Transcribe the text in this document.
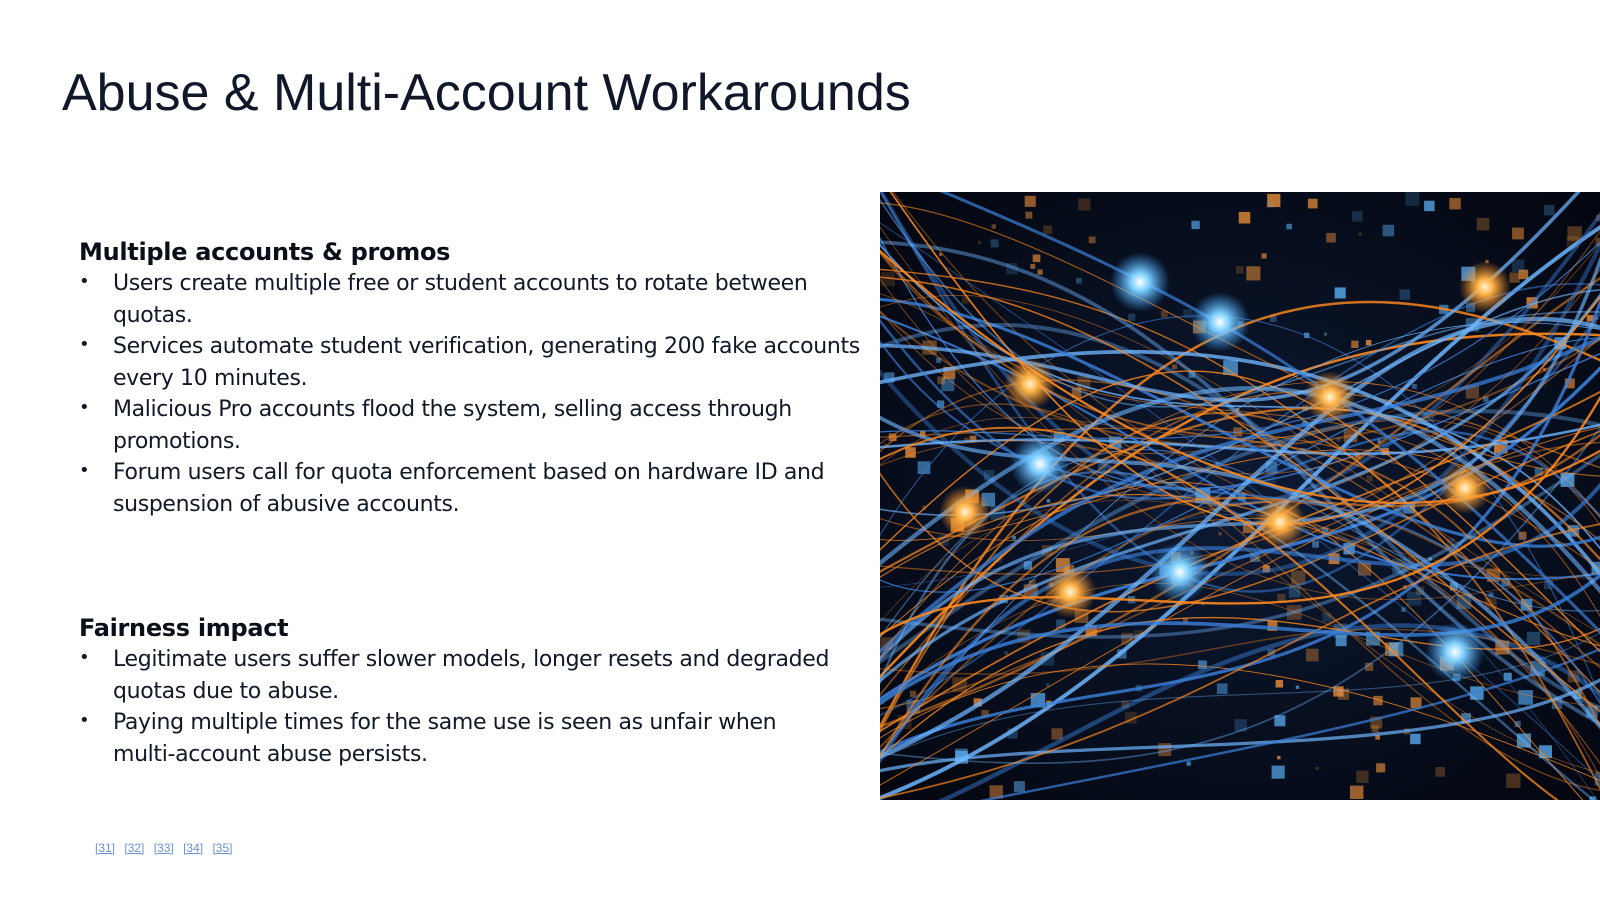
Abuse & Multi-Account Workarounds

Multiple accounts & promos

• Users create multiple free or student accounts to rotate between quotas.
• Services automate student verification, generating 200 fake accounts every 10 minutes.
• Malicious Pro accounts flood the system, selling access through promotions.
• Forum users call for quota enforcement based on hardware ID and suspension of abusive accounts.

Fairness impact

• Legitimate users suffer slower models, longer resets and degraded quotas due to abuse.
• Paying multiple times for the same use is seen as unfair when multi‑account abuse persists.
[31] [32] [33] [34] [35]
